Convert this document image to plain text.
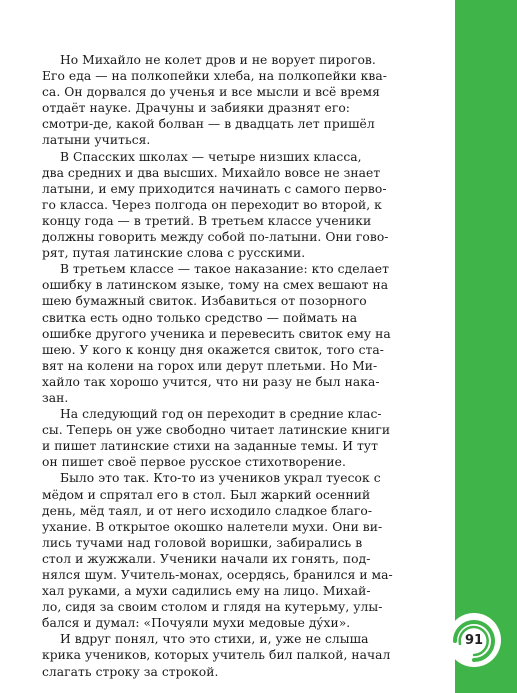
Но Михайло не колет дров и не ворует пирогов.
Его еда — на полкопейки хлеба, на полкопейки ква-
са. Он дорвался до ученья и все мысли и всё время
отдаёт науке. Драчуны и забияки дразнят его:
смотри-де, какой болван — в двадцать лет пришёл
латыни учиться.

В Спасских школах — четыре низших класса,
два средних и два высших. Михайло вовсе не знает
латыни, и ему приходится начинать с самого перво-
го класса. Через полгода он переходит во второй, к
концу года — в третий. В третьем классе ученики
должны говорить между собой по-латыни. Они гово-
рят, путая латинские слова с русскими.

В третьем классе — такое наказание: кто сделает
ошибку в латинском языке, тому на смех вешают на
шею бумажный свиток. Избавиться от позорного
свитка есть одно только средство — поймать на
ошибке другого ученика и перевесить свиток ему на
шею. У кого к концу дня окажется свиток, того ста-
вят на колени на горох или дерут плетьми. Но Ми-
хайло так хорошо учится, что ни разу не был нака-
зан.

На следующий год он переходит в средние клас-
сы. Теперь он уже свободно читает латинские книги
и пишет латинские стихи на заданные темы. И тут
он пишет своё первое русское стихотворение.

Было это так. Кто-то из учеников украл туесок с
мёдом и спрятал его в стол. Был жаркий осенний
день, мёд таял, и от него исходило сладкое благо-
ухание. В открытое окошко налетели мухи. Они ви-
лись тучами над головой воришки, забирались в
стол и жужжали. Ученики начали их гонять, под-
нялся шум. Учитель-монах, осердясь, бранился и ма-
хал руками, а мухи садились ему на лицо. Михай-
ло, сидя за своим столом и глядя на кутерьму, улы-
бался и думал: «Почуяли мухи медовые дýхи».

И вдруг понял, что это стихи, и, уже не слыша
крика учеников, которых учитель бил палкой, начал
слагать строку за строкой.

91
